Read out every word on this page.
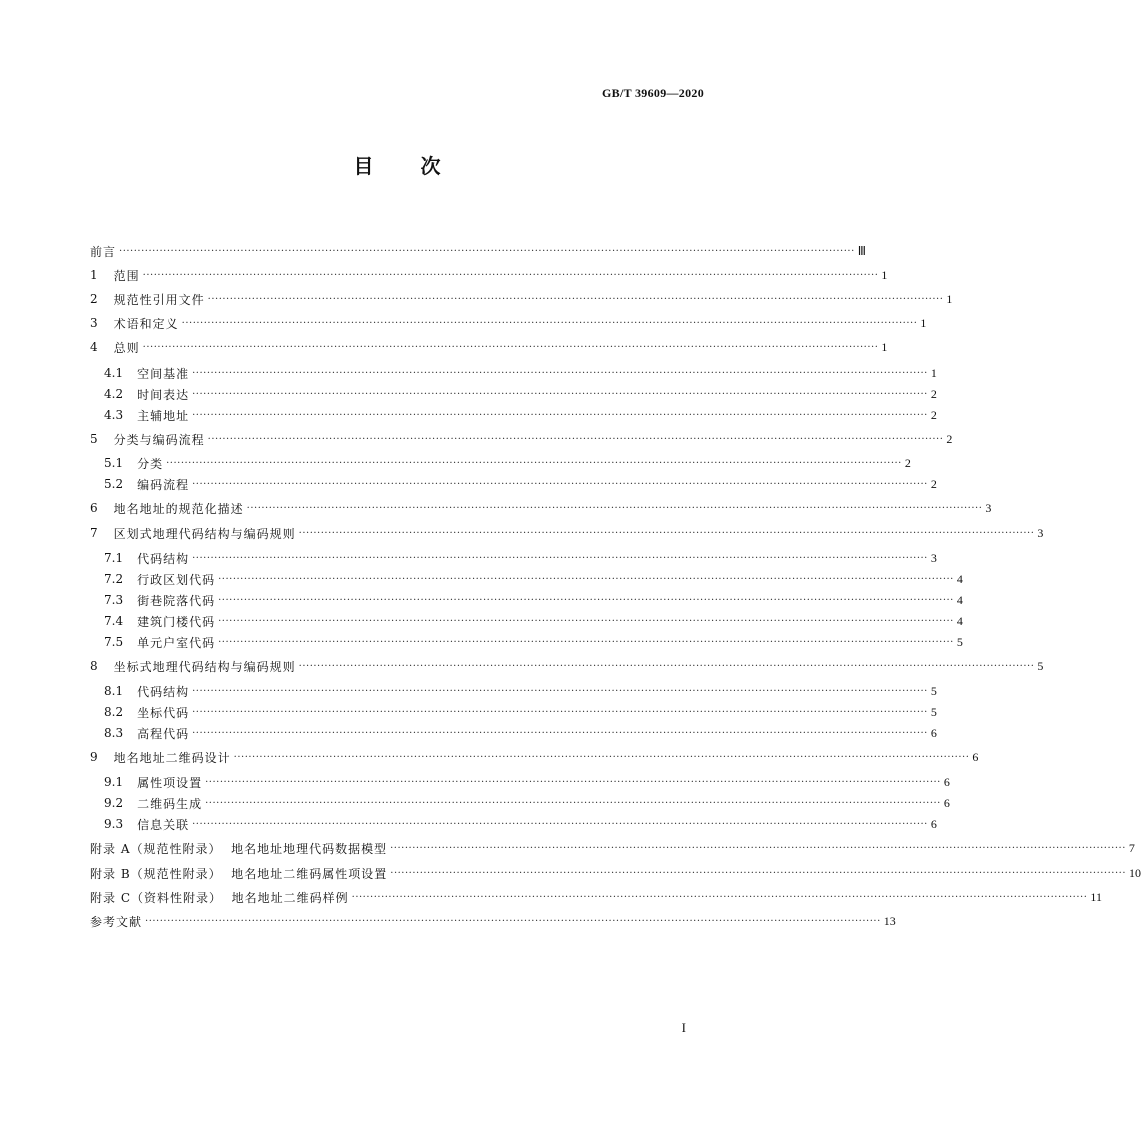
GB/T 39609—2020
目 次
前言 ········································································································································································································ Ⅲ
1 范围 ········································································································································································································ 1
2 规范性引用文件 ········································································································································································································ 1
3 术语和定义 ········································································································································································································ 1
4 总则 ········································································································································································································ 1
4.1 空间基准 ········································································································································································································ 1
4.2 时间表达 ········································································································································································································ 2
4.3 主辅地址 ········································································································································································································ 2
5 分类与编码流程 ········································································································································································································ 2
5.1 分类 ········································································································································································································ 2
5.2 编码流程 ········································································································································································································ 2
6 地名地址的规范化描述 ········································································································································································································ 3
7 区划式地理代码结构与编码规则 ········································································································································································································ 3
7.1 代码结构 ········································································································································································································ 3
7.2 行政区划代码 ········································································································································································································ 4
7.3 街巷院落代码 ········································································································································································································ 4
7.4 建筑门楼代码 ········································································································································································································ 4
7.5 单元户室代码 ········································································································································································································ 5
8 坐标式地理代码结构与编码规则 ········································································································································································································ 5
8.1 代码结构 ········································································································································································································ 5
8.2 坐标代码 ········································································································································································································ 5
8.3 高程代码 ········································································································································································································ 6
9 地名地址二维码设计 ········································································································································································································ 6
9.1 属性项设置 ········································································································································································································ 6
9.2 二维码生成 ········································································································································································································ 6
9.3 信息关联 ········································································································································································································ 6
附录 A（规范性附录）  地名地址地理代码数据模型 ········································································································································································································ 7
附录 B（规范性附录）  地名地址二维码属性项设置 ········································································································································································································ 10
附录 C（资料性附录）  地名地址二维码样例 ········································································································································································································ 11
参考文献 ········································································································································································································ 13
I
